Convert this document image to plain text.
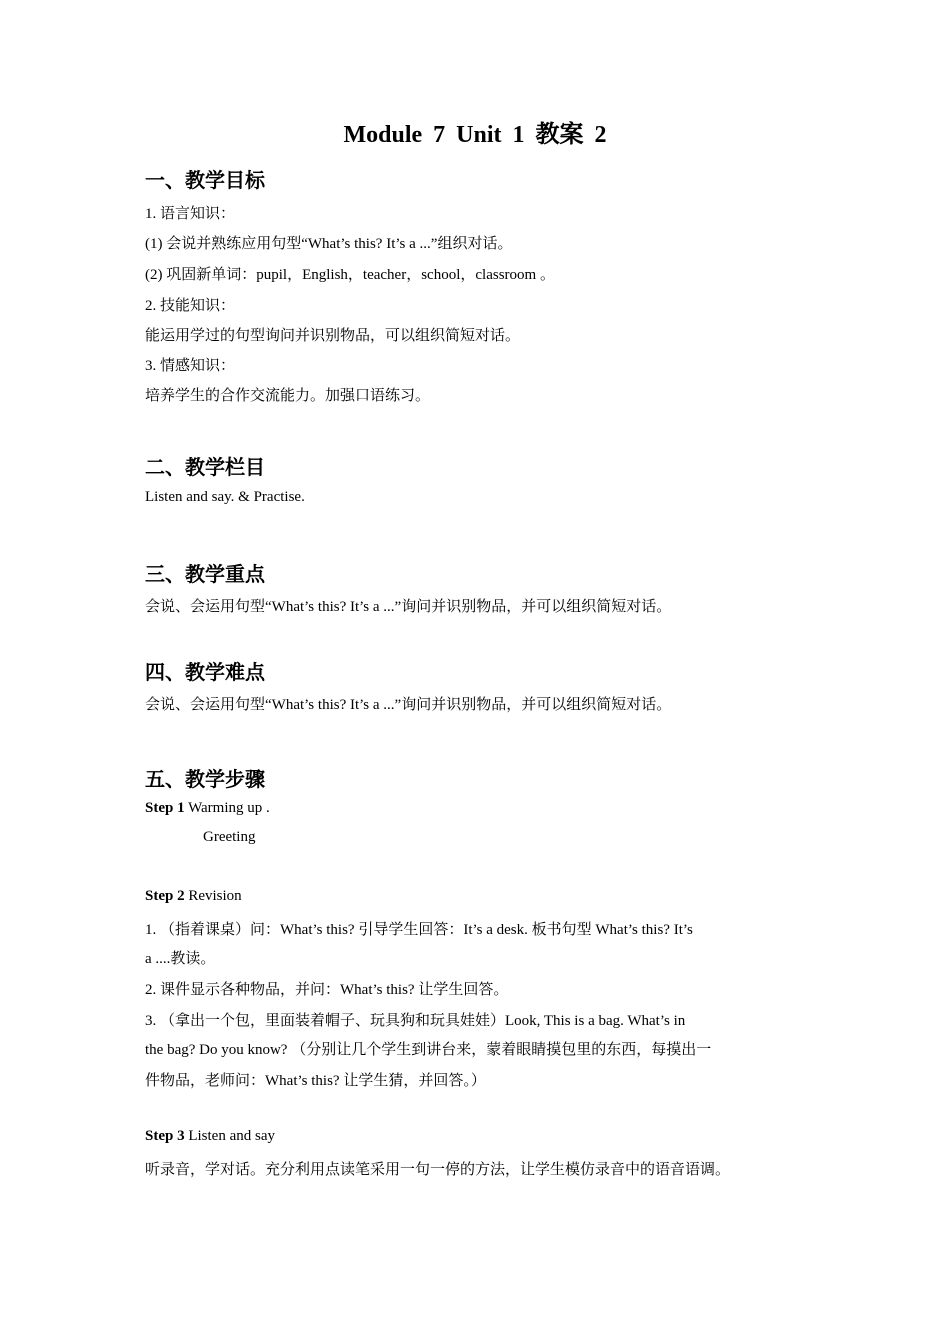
Module 7 Unit 1 教案 2
一、教学目标
1. 语言知识：
(1) 会说并熟练应用句型“What’s this? It’s a ...”组织对话。
(2) 巩固新单词：pupil，English，teacher，school，classroom 。
2. 技能知识：
能运用学过的句型询问并识别物品，可以组织简短对话。
3. 情感知识：
培养学生的合作交流能力。加强口语练习。
二、教学栏目
Listen and say. & Practise.
三、教学重点
会说、会运用句型“What’s this? It’s a ...”询问并识别物品，并可以组织简短对话。
四、教学难点
会说、会运用句型“What’s this? It’s a ...”询问并识别物品，并可以组织简短对话。
五、教学步骤
Step 1 Warming up .
Greeting
Step 2 Revision
1. （指着课桌）问：What’s this? 引导学生回答：It’s a desk. 板书句型 What’s this? It’s
a ....教读。
2. 课件显示各种物品，并问：What’s this? 让学生回答。
3. （拿出一个包，里面装着帽子、玩具狗和玩具娃娃）Look, This is a bag. What’s in
the bag? Do you know? （分别让几个学生到讲台来，蒙着眼睛摸包里的东西，每摸出一
件物品，老师问：What’s this? 让学生猜，并回答。）
Step 3 Listen and say
听录音，学对话。充分利用点读笔采用一句一停的方法，让学生模仿录音中的语音语调。
